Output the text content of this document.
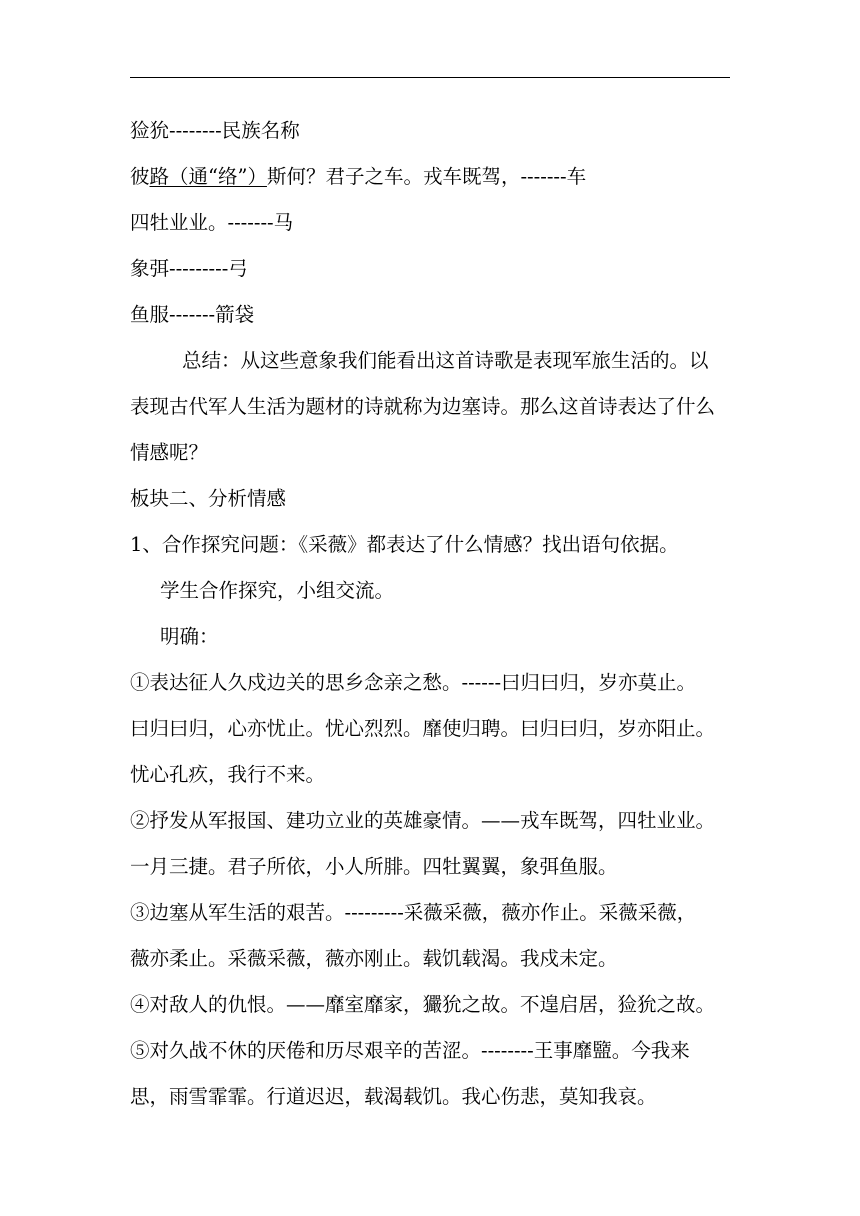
猃狁--------民族名称
彼路（通“络”）斯何？君子之车。戎车既驾，-------车
四牡业业。-------马
象弭---------弓
鱼服-------箭袋
总结：从这些意象我们能看出这首诗歌是表现军旅生活的。以
表现古代军人生活为题材的诗就称为边塞诗。那么这首诗表达了什么
情感呢？
板块二、分析情感
1、合作探究问题：《采薇》都表达了什么情感？找出语句依据。
学生合作探究，小组交流。
明确：
①表达征人久戍边关的思乡念亲之愁。------曰归曰归，岁亦莫止。
曰归曰归，心亦忧止。忧心烈烈。靡使归聘。曰归曰归，岁亦阳止。
忧心孔疚，我行不来。
②抒发从军报国、建功立业的英雄豪情。——戎车既驾，四牡业业。
一月三捷。君子所依，小人所腓。四牡翼翼，象弭鱼服。
③边塞从军生活的艰苦。---------采薇采薇，薇亦作止。采薇采薇，
薇亦柔止。采薇采薇，薇亦刚止。载饥载渴。我戍未定。
④对敌人的仇恨。——靡室靡家，玁狁之故。不遑启居，猃狁之故。
⑤对久战不休的厌倦和历尽艰辛的苦涩。--------王事靡盬。今我来
思，雨雪霏霏。行道迟迟，载渴载饥。我心伤悲，莫知我哀。
